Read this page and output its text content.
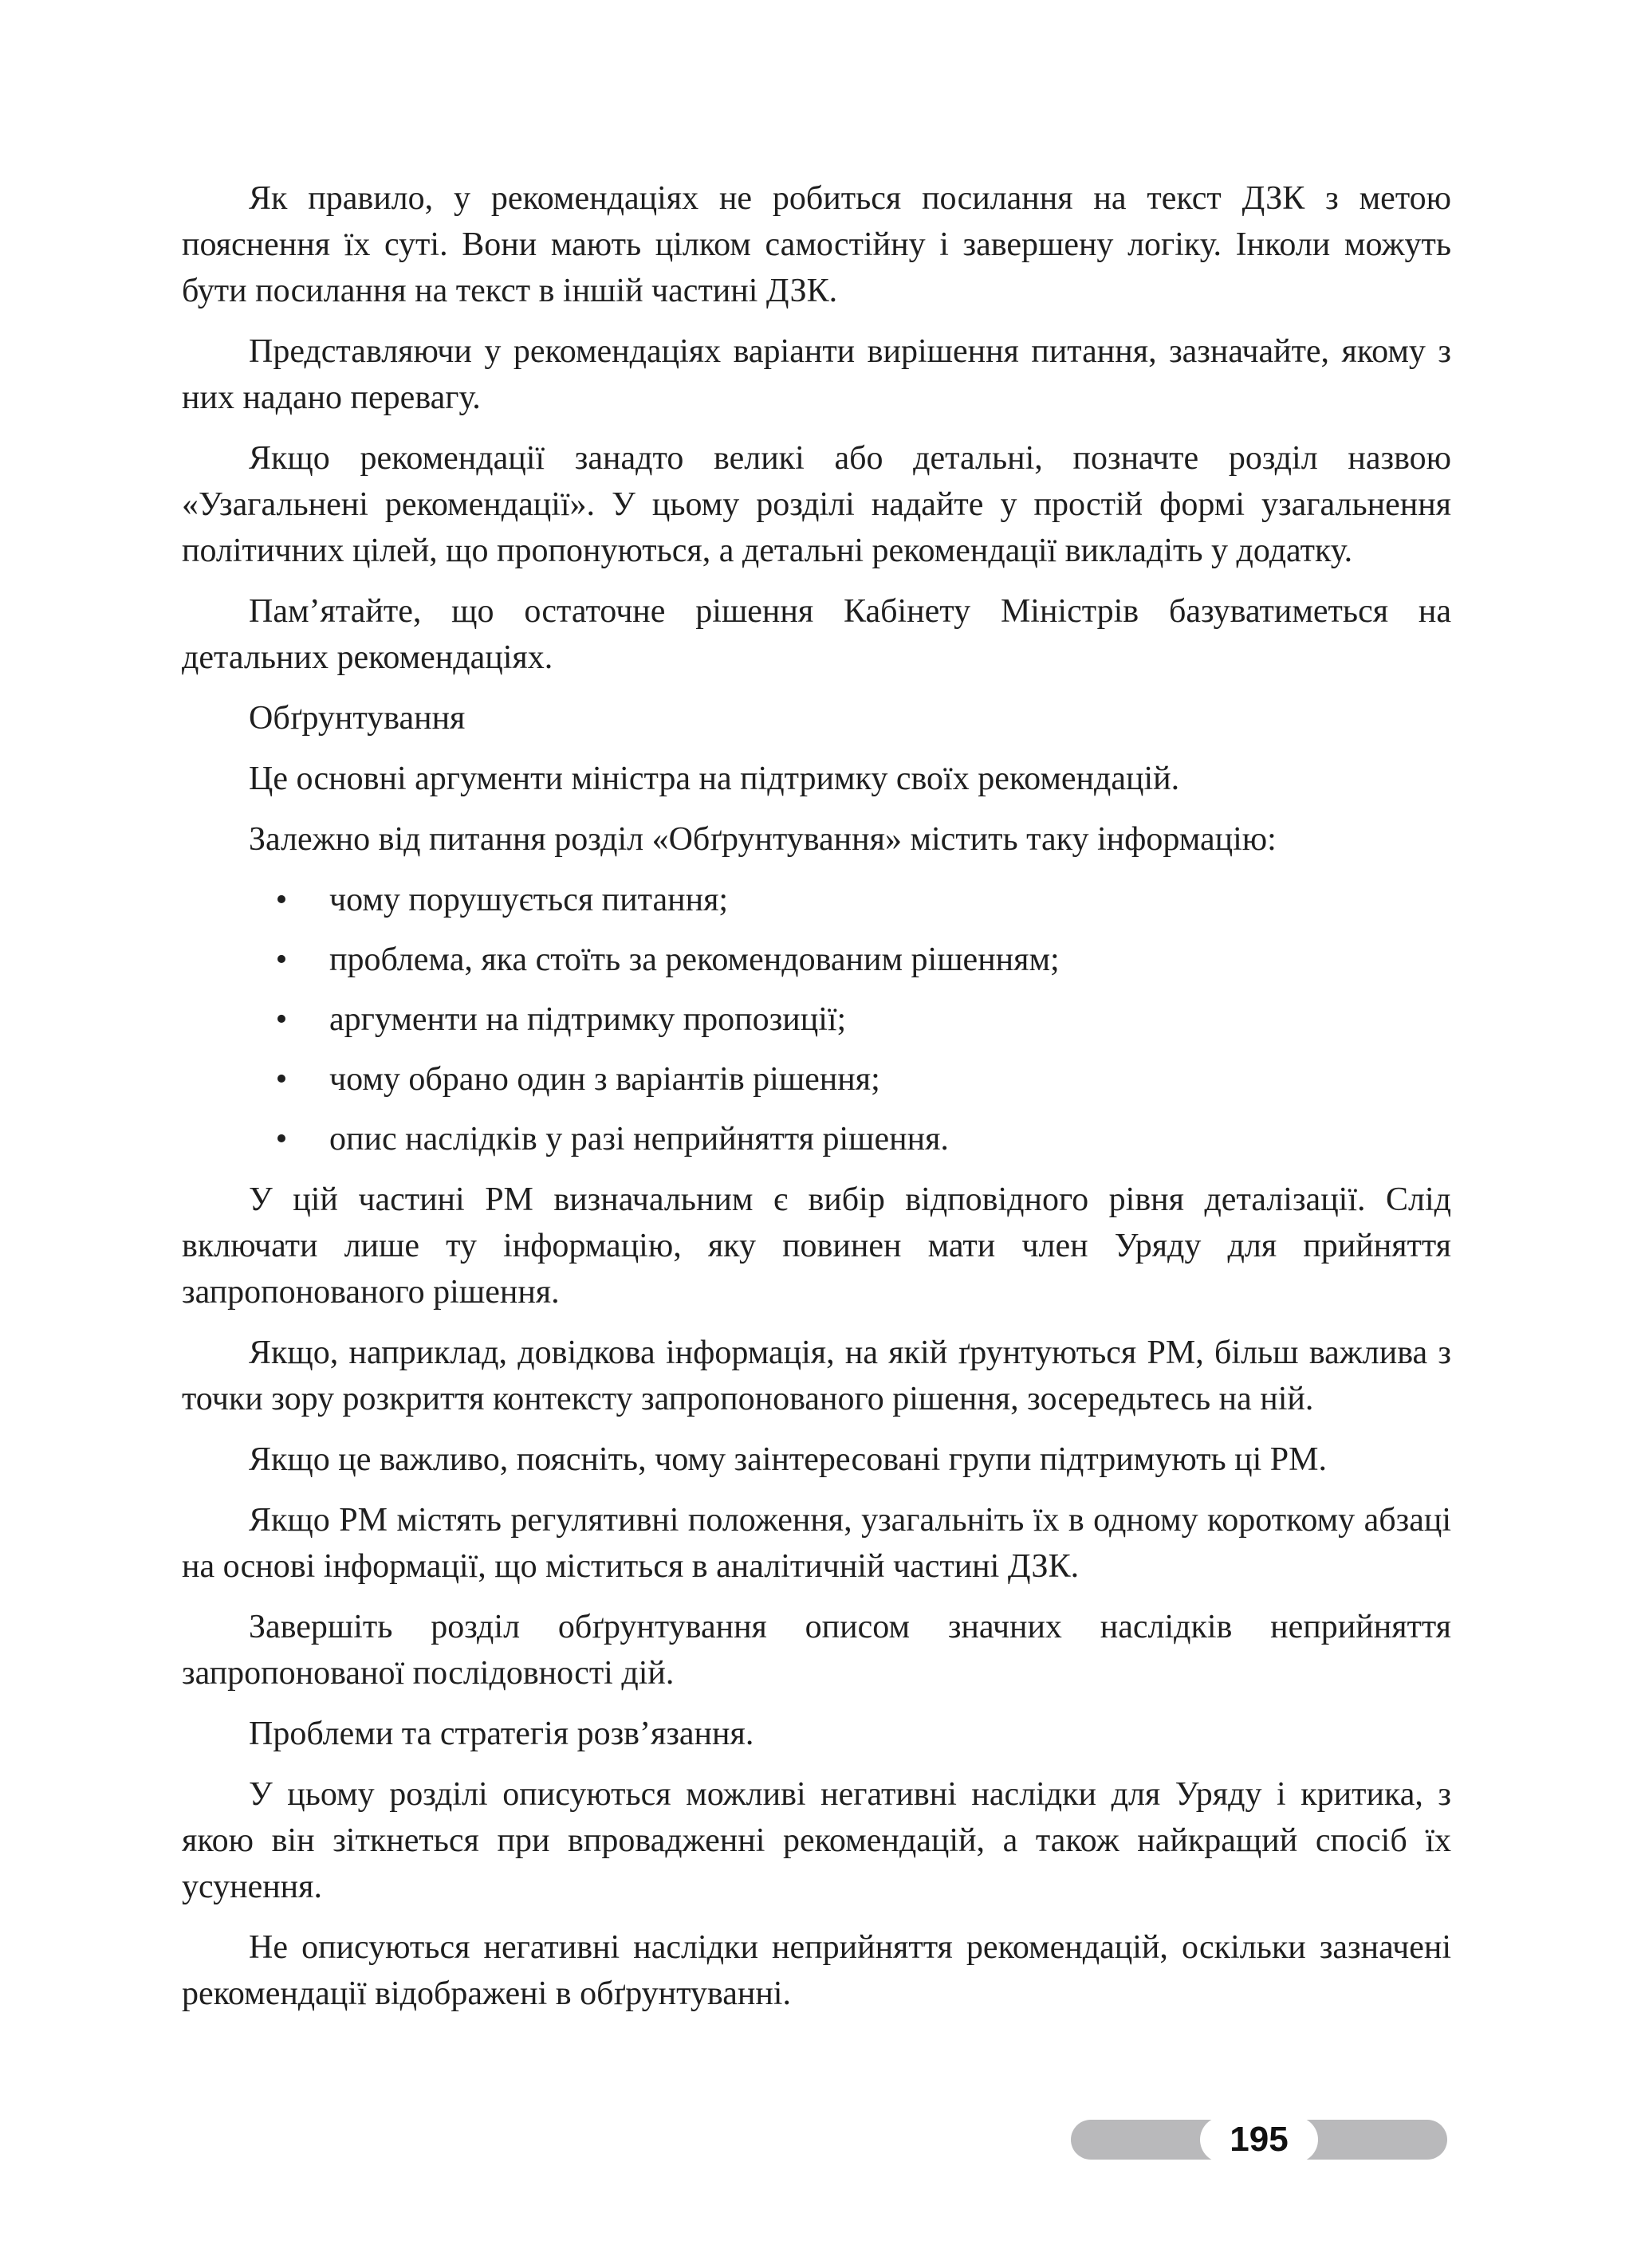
Як правило, у рекомендаціях не робиться посилання на текст ДЗК з метою пояснення їх суті. Вони мають цілком самостійну і завершену логіку. Інколи можуть бути посилання на текст в іншій частині ДЗК.

Представляючи у рекомендаціях варіанти вирішення питання, зазначайте, якому з них надано перевагу.

Якщо рекомендації занадто великі або детальні, позначте розділ назвою «Узагальнені рекомендації». У цьому розділі надайте у простій формі узагальнення політичних цілей, що пропонуються, а детальні рекомендації викладіть у додатку.

Пам’ятайте, що остаточне рішення Кабінету Міністрів базуватиметься на детальних рекомендаціях.

Обґрунтування

Це основні аргументи міністра на підтримку своїх рекомендацій.

Залежно від питання розділ «Обґрунтування» містить таку інформацію:

• чому порушується питання;
• проблема, яка стоїть за рекомендованим рішенням;
• аргументи на підтримку пропозиції;
• чому обрано один з варіантів рішення;
• опис наслідків у разі неприйняття рішення.

У цій частині РМ визначальним є вибір відповідного рівня деталізації. Слід включати лише ту інформацію, яку повинен мати член Уряду для прийняття запропонованого рішення.

Якщо, наприклад, довідкова інформація, на якій ґрунтуються РМ, більш важлива з точки зору розкриття контексту запропонованого рішення, зосередьтесь на ній.

Якщо це важливо, поясніть, чому заінтересовані групи підтримують ці РМ.

Якщо РМ містять регулятивні положення, узагальніть їх в одному короткому абзаці на основі інформації, що міститься в аналітичній частині ДЗК.

Завершіть розділ обґрунтування описом значних наслідків неприйняття запропонованої послідовності дій.

Проблеми та стратегія розв’язання.

У цьому розділі описуються можливі негативні наслідки для Уряду і критика, з якою він зіткнеться при впровадженні рекомендацій, а також найкращий спосіб їх усунення.

Не описуються негативні наслідки неприйняття рекомендацій, оскільки зазначені рекомендації відображені в обґрунтуванні.

195
